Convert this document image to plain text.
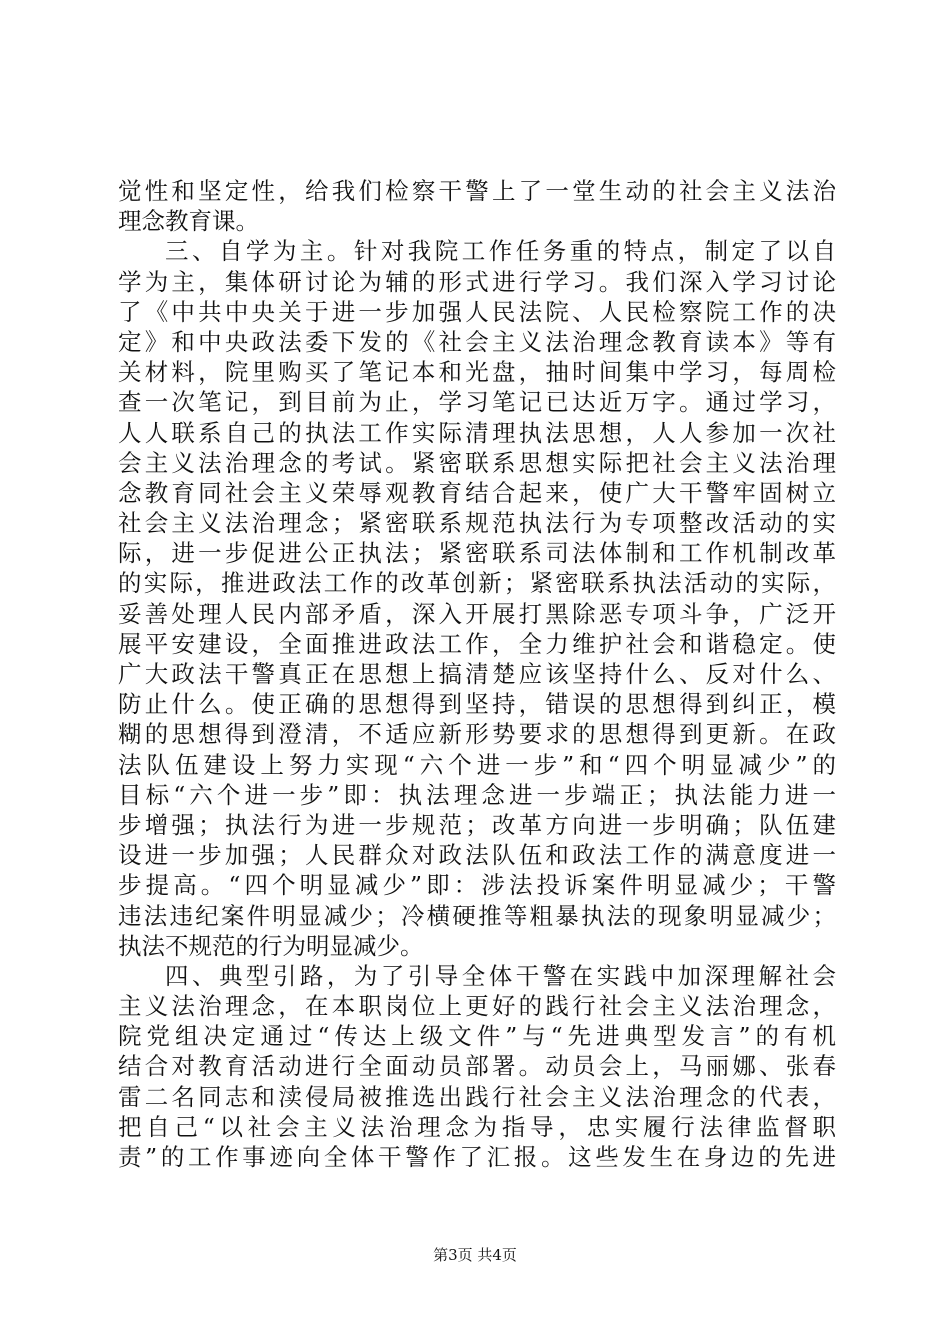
觉性和坚定性，给我们检察干警上了一堂生动的社会主义法治
理念教育课。
三、自学为主。针对我院工作任务重的特点，制定了以自
学为主，集体研讨论为辅的形式进行学习。我们深入学习讨论
了《中共中央关于进一步加强人民法院、人民检察院工作的决
定》和中央政法委下发的《社会主义法治理念教育读本》等有
关材料，院里购买了笔记本和光盘，抽时间集中学习，每周检
查一次笔记，到目前为止，学习笔记已达近万字。通过学习，
人人联系自己的执法工作实际清理执法思想，人人参加一次社
会主义法治理念的考试。紧密联系思想实际把社会主义法治理
念教育同社会主义荣辱观教育结合起来，使广大干警牢固树立
社会主义法治理念；紧密联系规范执法行为专项整改活动的实
际，进一步促进公正执法；紧密联系司法体制和工作机制改革
的实际，推进政法工作的改革创新；紧密联系执法活动的实际，
妥善处理人民内部矛盾，深入开展打黑除恶专项斗争，广泛开
展平安建设，全面推进政法工作，全力维护社会和谐稳定。使
广大政法干警真正在思想上搞清楚应该坚持什么、反对什么、
防止什么。使正确的思想得到坚持，错误的思想得到纠正，模
糊的思想得到澄清，不适应新形势要求的思想得到更新。在政
法队伍建设上努力实现“六个进一步”和“四个明显减少”的
目标“六个进一步”即：执法理念进一步端正；执法能力进一
步增强；执法行为进一步规范；改革方向进一步明确；队伍建
设进一步加强；人民群众对政法队伍和政法工作的满意度进一
步提高。“四个明显减少”即：涉法投诉案件明显减少；干警
违法违纪案件明显减少；冷横硬推等粗暴执法的现象明显减少；
执法不规范的行为明显减少。
四、典型引路，为了引导全体干警在实践中加深理解社会
主义法治理念，在本职岗位上更好的践行社会主义法治理念，
院党组决定通过“传达上级文件”与“先进典型发言”的有机
结合对教育活动进行全面动员部署。动员会上，马丽娜、张春
雷二名同志和渎侵局被推选出践行社会主义法治理念的代表，
把自己“以社会主义法治理念为指导，忠实履行法律监督职
责”的工作事迹向全体干警作了汇报。这些发生在身边的先进
第3页 共4页
